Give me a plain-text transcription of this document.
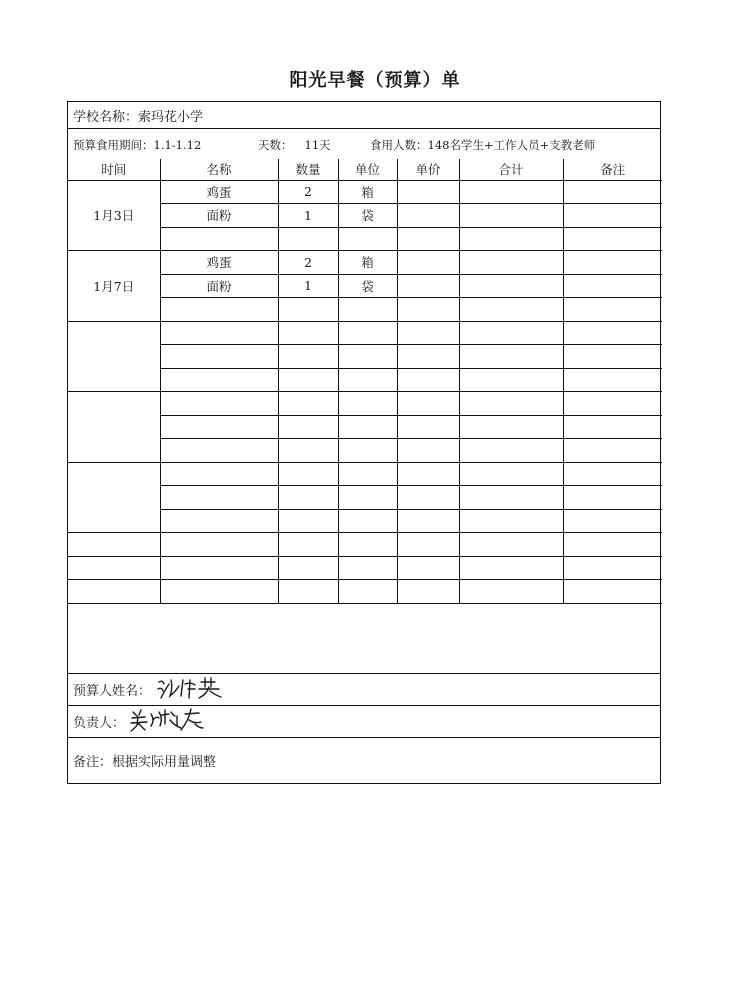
阳光早餐（预算）单
学校名称：索玛花小学
预算食用期间：1.1-1.12	天数： 11天	食用人数：148名学生+工作人员+支教老师
时间	名称	数量	单位	单价	合计	备注
1月3日	鸡蛋	2	箱			
	面粉	1	袋			

1月7日	鸡蛋	2	箱			
	面粉	1	袋			

预算人姓名：
负责人：
备注： 根据实际用量调整
